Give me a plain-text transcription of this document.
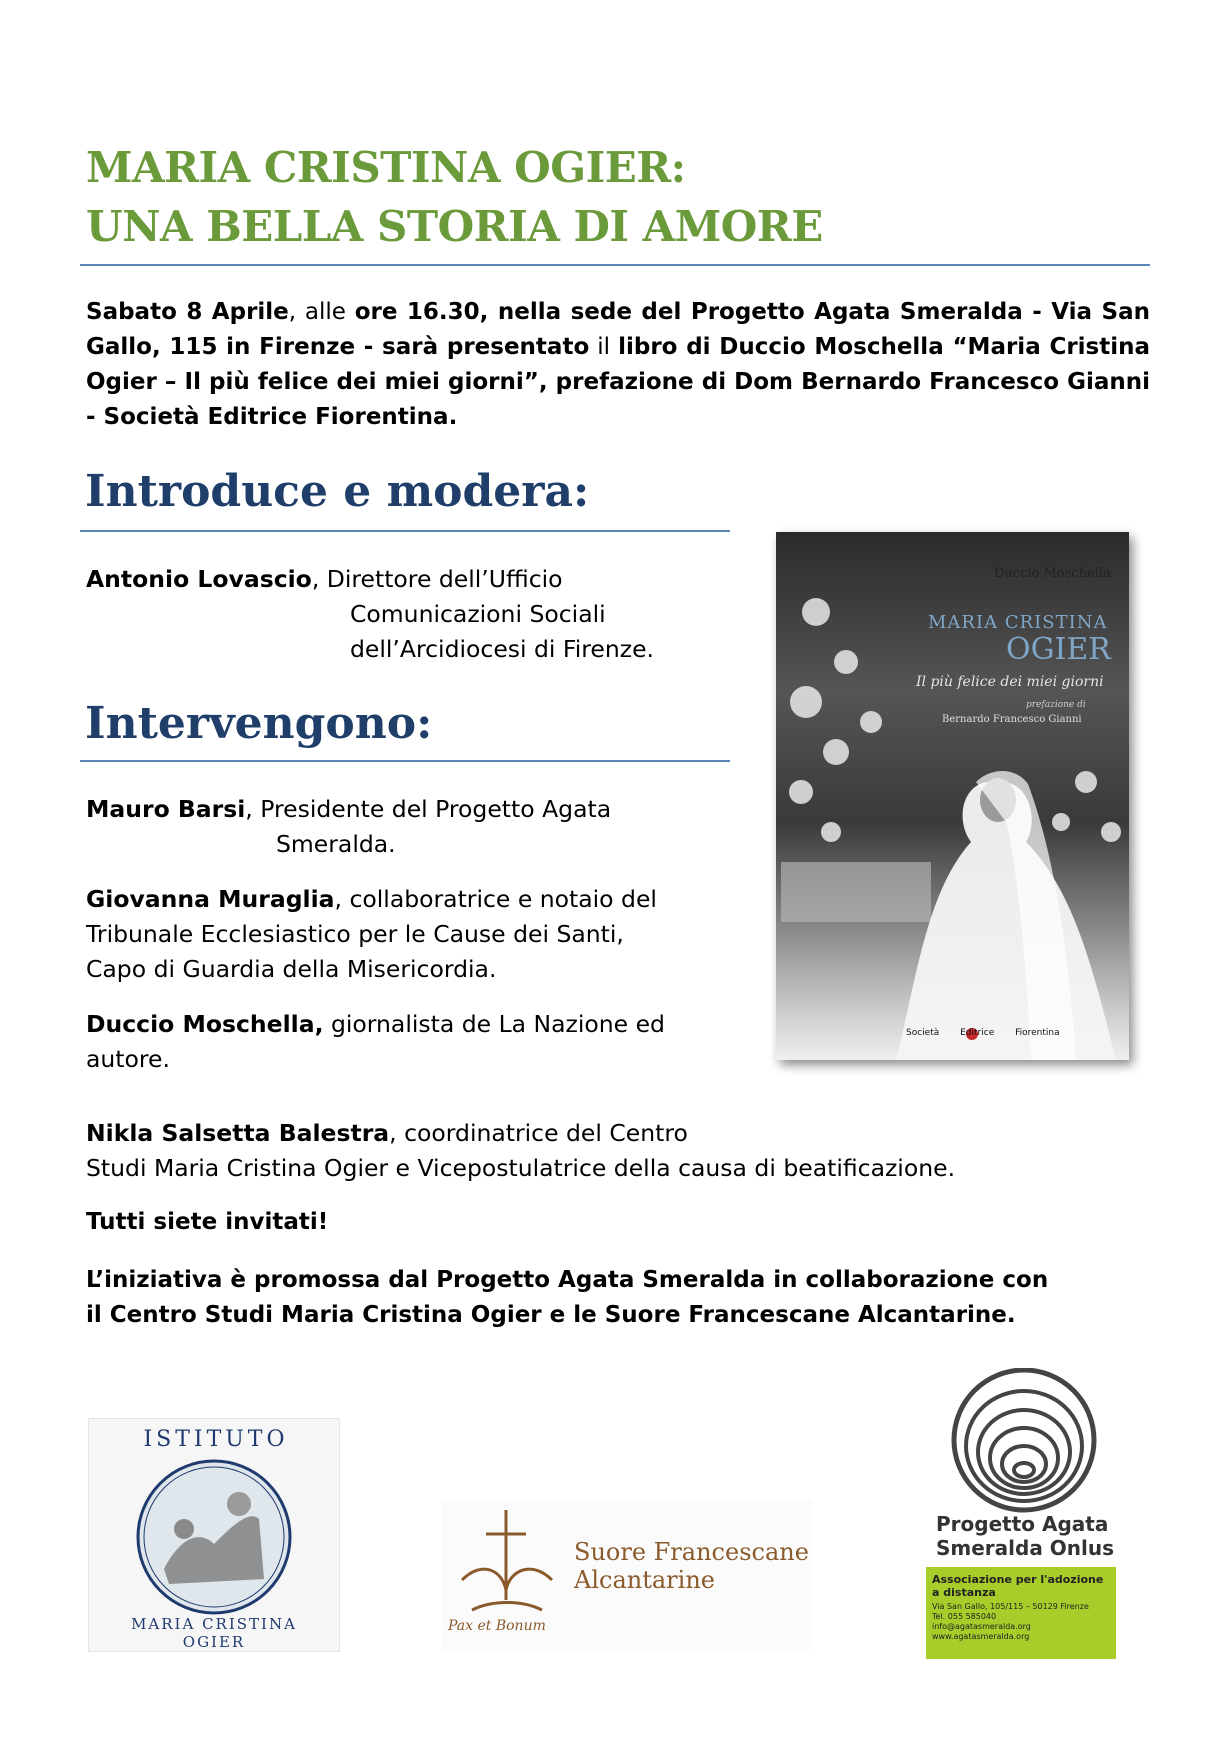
MARIA CRISTINA OGIER:
UNA BELLA STORIA DI AMORE
Sabato 8 Aprile, alle ore 16.30, nella sede del Progetto Agata Smeralda - Via San Gallo, 115 in Firenze - sarà presentato il libro di Duccio Moschella “Maria Cristina Ogier – Il più felice dei miei giorni”, prefazione di Dom Bernardo Francesco Gianni - Società Editrice Fiorentina.
Introduce e modera:
Antonio Lovascio, Direttore dell’Ufficio
Comunicazioni Sociali
dell’Arcidiocesi di Firenze.
Intervengono:
Mauro Barsi, Presidente del Progetto Agata
Smeralda.
Giovanna Muraglia, collaboratrice e notaio del
Tribunale Ecclesiastico per le Cause dei Santi,
Capo di Guardia della Misericordia.
Duccio Moschella, giornalista de La Nazione ed
autore.
Nikla Salsetta Balestra, coordinatrice del Centro
Studi Maria Cristina Ogier e Vicepostulatrice della causa di beatificazione.
Tutti siete invitati!
L’iniziativa è promossa dal Progetto Agata Smeralda in collaborazione con
il Centro Studi Maria Cristina Ogier e le Suore Francescane Alcantarine.
Duccio Moschella
MARIA CRISTINA
OGIER
Il più felice dei miei giorni
prefazione di
Bernardo Francesco Gianni
Società Editrice Fiorentina
ISTITUTO
MARIA CRISTINA OGIER
Pax et Bonum
Suore Francescane
Alcantarine
Progetto Agata
Smeralda Onlus
Associazione per l'adozione
a distanza
Via San Gallo, 105/115 – 50129 Firenze
Tel. 055 585040
info@agatasmeralda.org
www.agatasmeralda.org
